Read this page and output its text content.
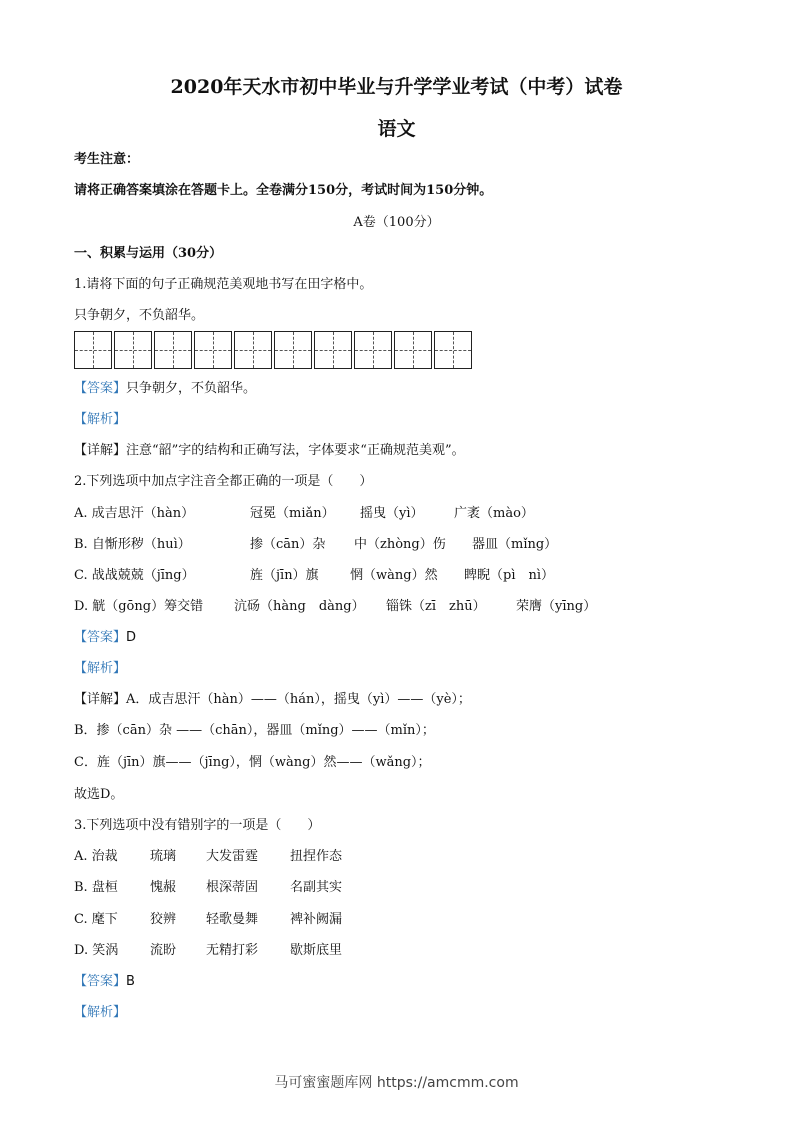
2020年天水市初中毕业与升学学业考试（中考）试卷
语文
考生注意：
请将正确答案填涂在答题卡上。全卷满分150分，考试时间为150分钟。
A卷（100分）
一、积累与运用（30分）
1.请将下面的句子正确规范美观地书写在田字格中。
只争朝夕，不负韶华。
【答案】只争朝夕，不负韶华。
【解析】
【详解】注意“韶”字的结构和正确写法，字体要求“正确规范美观”。
2.下列选项中加点字注音全都正确的一项是（　　）
A. 成吉思汗（hàn）	冠冕（miǎn） 摇曳（yì） 广袤（mào）
B. 自惭形秽（huì）	掺（cān）杂 中（zhòng）伤 器皿（mǐng）
C. 战战兢兢（jīng）	旌（jīn）旗 惘（wàng）然 睥睨（pì　nì）
D. 觥（gōng）筹交错 沆砀（hàng　dàng） 锱铢（zī　zhū） 荣膺（yīng）
【答案】D
【解析】
【详解】A．成吉思汗（hàn）——（hán），摇曳（yì）——（yè）；
B．掺（cān）杂 ——（chān），器皿（mǐng）——（mǐn）；
C．旌（jīn）旗——（jīng），惘（wàng）然——（wǎng）；
故选D。
3.下列选项中没有错别字的一项是（　　）
A. 治裁 琉璃 大发雷霆 扭捏作态
B. 盘桓 愧赧 根深蒂固 名副其实
C. 麾下 狡辨 轻歌曼舞 裨补阙漏
D. 笑涡 流盼 无精打彩 歇斯底里
【答案】B
【解析】
马可蜜蜜题库网 https://amcmm.com
